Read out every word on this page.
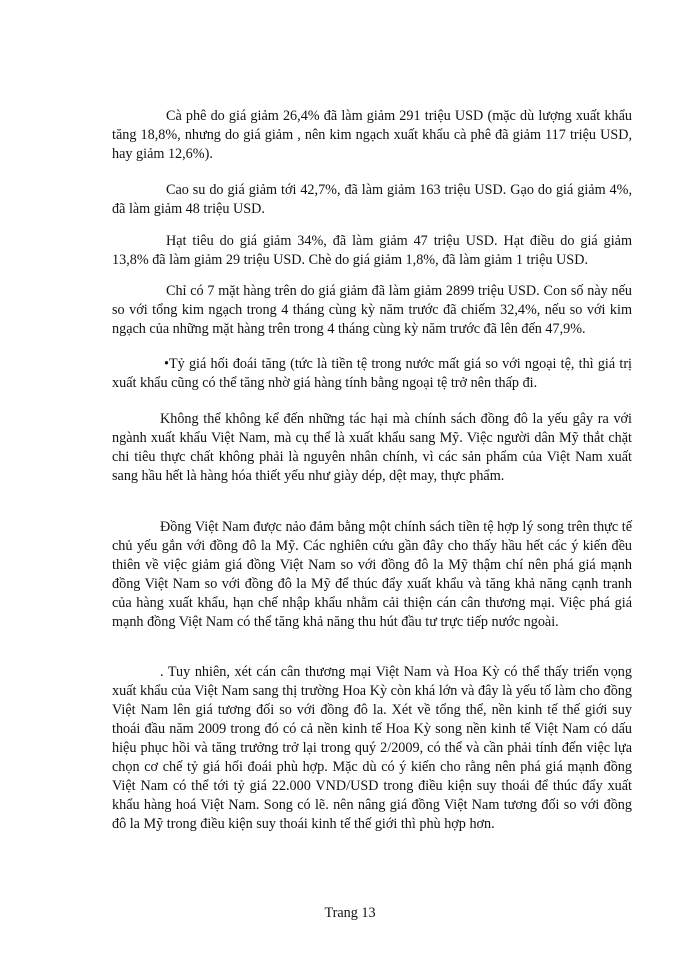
Cà phê do giá giảm 26,4% đã làm giảm 291 triệu USD (mặc dù lượng xuất khẩu tăng 18,8%, nhưng do giá giảm , nên kim ngạch xuất khẩu cà phê đã giảm 117 triệu USD, hay giảm 12,6%).

Cao su do giá giảm tới 42,7%, đã làm giảm 163 triệu USD. Gạo do giá giảm 4%, đã làm giảm 48 triệu USD.

Hạt tiêu do giá giảm 34%, đã làm giảm 47 triệu USD. Hạt điều do giá giảm 13,8% đã làm giảm 29 triệu USD. Chè do giá giảm 1,8%, đã làm giảm 1 triệu USD.

Chỉ có 7 mặt hàng trên do giá giảm đã làm giảm 2899 triệu USD. Con số này nếu so với tổng kim ngạch trong 4 tháng cùng kỳ năm trước đã chiếm 32,4%, nếu so với kim ngạch của những mặt hàng trên trong 4 tháng cùng kỳ năm trước đã lên đến 47,9%.

•Tỷ giá hối đoái tăng (tức là tiền tệ trong nước mất giá so với ngoại tệ, thì giá trị xuất khẩu cũng có thể tăng nhờ giá hàng tính bằng ngoại tệ trở nên thấp đi.

Không thể không kể đến những tác hại mà chính sách đồng đô la yếu gây ra với ngành xuất khẩu Việt Nam, mà cụ thể là xuất khẩu sang Mỹ. Việc người dân Mỹ thắt chặt chi tiêu thực chất không phải là nguyên nhân chính, vì các sản phẩm của Việt Nam xuất sang hầu hết là hàng hóa thiết yếu như giày dép, dệt may, thực phẩm.

Đồng Việt Nam được nảo đảm bằng một chính sách tiền tệ hợp lý song trên thực tế chủ yếu gắn với đồng đô la Mỹ. Các nghiên cứu gần đây cho thấy hầu hết các ý kiến đều thiên về việc giảm giá đồng Việt Nam so với đồng đô la Mỹ thậm chí nên phá giá mạnh đồng Việt Nam so với đồng đô la Mỹ để thúc đẩy xuất khẩu và tăng khả năng cạnh tranh của hàng xuất khẩu, hạn chế nhập khẩu nhằm cải thiện cán cân thương mại. Việc phá giá mạnh đồng Việt Nam có thể tăng khả năng thu hút đầu tư trực tiếp nước ngoài.

. Tuy nhiên, xét cán cân thương mại Việt Nam và Hoa Kỳ có thể thấy triển vọng xuất khẩu của Việt Nam sang thị trường Hoa Kỳ còn khá lớn và đây là yếu tố làm cho đồng Việt Nam lên giá tương đối so với đồng đô la. Xét về tổng thể, nền kinh tế thế giới suy thoái đầu năm 2009 trong đó có cả nền kinh tế Hoa Kỳ song nền kinh tế Việt Nam có dấu hiệu phục hồi và tăng trưởng trở lại trong quý 2/2009, có thể và cần phải tính đến việc lựa chọn cơ chế tỷ giá hối đoái phù hợp. Mặc dù có ý kiến cho rằng nên phá giá mạnh đồng Việt Nam có thể tới tỷ giá 22.000 VND/USD trong điều kiện suy thoái để thúc đẩy xuất khẩu hàng hoá Việt Nam. Song có lẽ. nên nâng giá đồng Việt Nam tương đối so với đồng đô la Mỹ trong điều kiện suy thoái kinh tế thế giới thì phù hợp hơn.

Trang 13
